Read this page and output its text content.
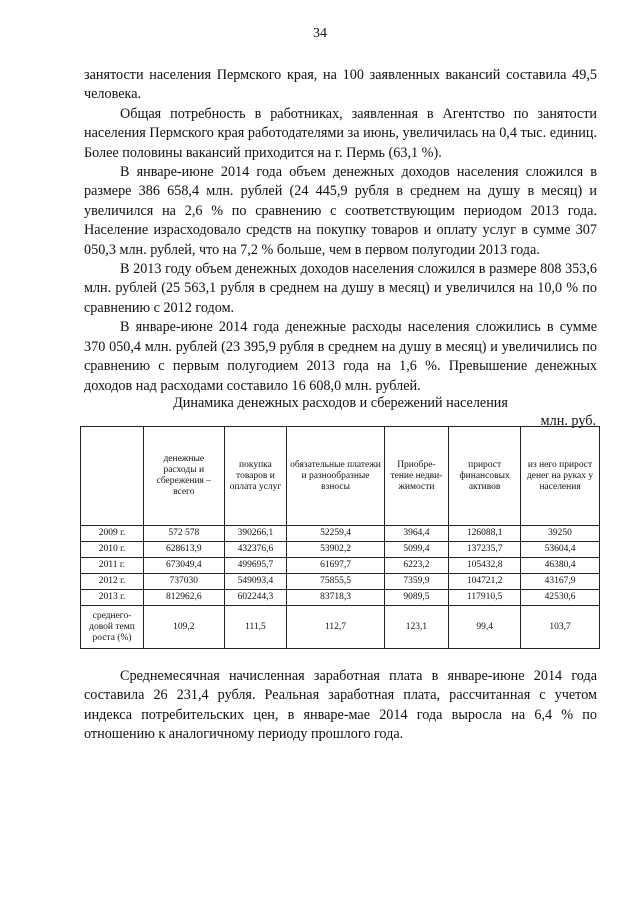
34

занятости населения Пермского края, на 100 заявленных вакансий составила 49,5 человека.

Общая потребность в работниках, заявленная в Агентство по занятости населения Пермского края работодателями за июнь, увеличилась на 0,4 тыс. единиц. Более половины вакансий приходится на г. Пермь (63,1 %).

В январе-июне 2014 года объем денежных доходов населения сложился в размере 386 658,4 млн. рублей (24 445,9 рубля в среднем на душу в месяц) и увеличился на 2,6 % по сравнению с соответствующим периодом 2013 года. Население израсходовало средств на покупку товаров и оплату услуг в сумме 307 050,3 млн. рублей, что на 7,2 % больше, чем в первом полугодии 2013 года.

В 2013 году объем денежных доходов населения сложился в размере 808 353,6 млн. рублей (25 563,1 рубля в среднем на душу в месяц) и увеличился на 10,0 % по сравнению с 2012 годом.

В январе-июне 2014 года денежные расходы населения сложились в сумме 370 050,4 млн. рублей (23 395,9 рубля в среднем на душу в месяц) и увеличились по сравнению с первым полугодием 2013 года на 1,6 %. Превышение денежных доходов над расходами составило 16 608,0 млн. рублей.

Динамика денежных расходов и сбережений населения
млн. руб.
	денежные расходы и сбережения – всего	покупка товаров и оплата услуг	обязательные платежи и разнообразные взносы	Приобре-тение недви-жимости	прирост финансовых активов	из него прирост денег на руках у населения
2009 г.	572 578	390266,1	52259,4	3964,4	126088,1	39250
2010 г.	628613,9	432376,6	53902,2	5099,4	137235,7	53604,4
2011 г.	673049,4	499695,7	61697,7	6223,2	105432,8	46380,4
2012 г.	737030	549093,4	75855,5	7359,9	104721,2	43167,9
2013 г.	812962,6	602244,3	83718,3	9089,5	117910,5	42530,6
среднего-довой темп роста (%)	109,2	111,5	112,7	123,1	99,4	103,7

Среднемесячная начисленная заработная плата в январе-июне 2014 года составила 26 231,4 рубля. Реальная заработная плата, рассчитанная с учетом индекса потребительских цен, в январе-мае 2014 года выросла на 6,4 % по отношению к аналогичному периоду прошлого года.
